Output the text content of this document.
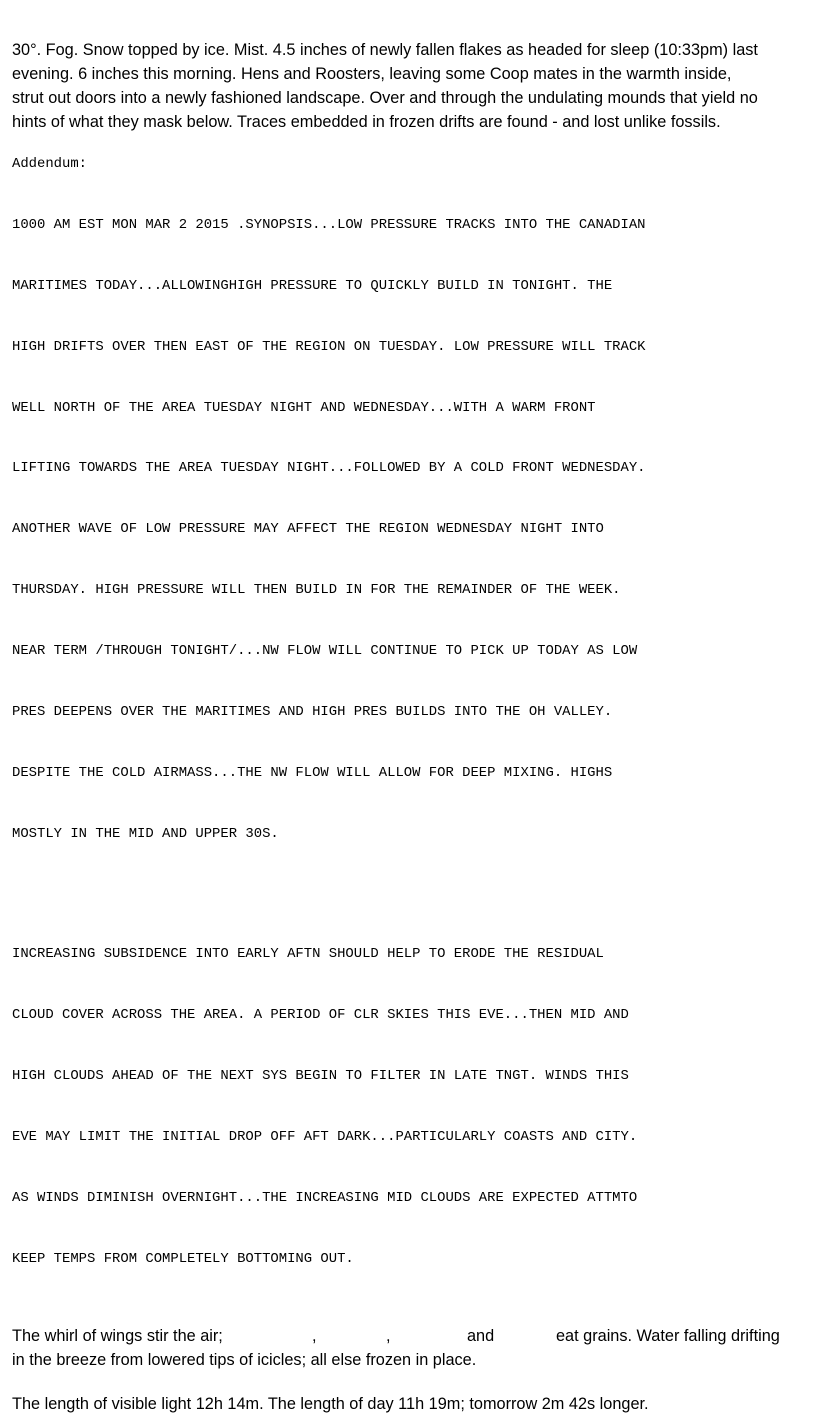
30°. Fog. Snow topped by ice. Mist. 4.5 inches of newly fallen flakes as headed for sleep (10:33pm) last
evening. 6 inches this morning. Hens and Roosters, leaving some Coop mates in the warmth inside,
strut out doors into a newly fashioned landscape. Over and through the undulating mounds that yield no
hints of what they mask below. Traces embedded in frozen drifts are found - and lost unlike fossils.
Addendum:

1000 AM EST MON MAR 2 2015 .SYNOPSIS...LOW PRESSURE TRACKS INTO THE CANADIAN

MARITIMES TODAY...ALLOWINGHIGH PRESSURE TO QUICKLY BUILD IN TONIGHT. THE

HIGH DRIFTS OVER THEN EAST OF THE REGION ON TUESDAY. LOW PRESSURE WILL TRACK

WELL NORTH OF THE AREA TUESDAY NIGHT AND WEDNESDAY...WITH A WARM FRONT

LIFTING TOWARDS THE AREA TUESDAY NIGHT...FOLLOWED BY A COLD FRONT WEDNESDAY.

ANOTHER WAVE OF LOW PRESSURE MAY AFFECT THE REGION WEDNESDAY NIGHT INTO

THURSDAY. HIGH PRESSURE WILL THEN BUILD IN FOR THE REMAINDER OF THE WEEK.

NEAR TERM /THROUGH TONIGHT/...NW FLOW WILL CONTINUE TO PICK UP TODAY AS LOW

PRES DEEPENS OVER THE MARITIMES AND HIGH PRES BUILDS INTO THE OH VALLEY.

DESPITE THE COLD AIRMASS...THE NW FLOW WILL ALLOW FOR DEEP MIXING. HIGHS

MOSTLY IN THE MID AND UPPER 30S.

INCREASING SUBSIDENCE INTO EARLY AFTN SHOULD HELP TO ERODE THE RESIDUAL

CLOUD COVER ACROSS THE AREA. A PERIOD OF CLR SKIES THIS EVE...THEN MID AND

HIGH CLOUDS AHEAD OF THE NEXT SYS BEGIN TO FILTER IN LATE TNGT. WINDS THIS

EVE MAY LIMIT THE INITIAL DROP OFF AFT DARK...PARTICULARLY COASTS AND CITY.

AS WINDS DIMINISH OVERNIGHT...THE INCREASING MID CLOUDS ARE EXPECTED ATTMTO

KEEP TEMPS FROM COMPLETELY BOTTOMING OUT.

The whirl of wings stir the air;	,	,	and	eat grains. Water falling drifting
in the breeze from lowered tips of icicles; all else frozen in place.
The length of visible light 12h 14m. The length of day 11h 19m; tomorrow 2m 42s longer.
